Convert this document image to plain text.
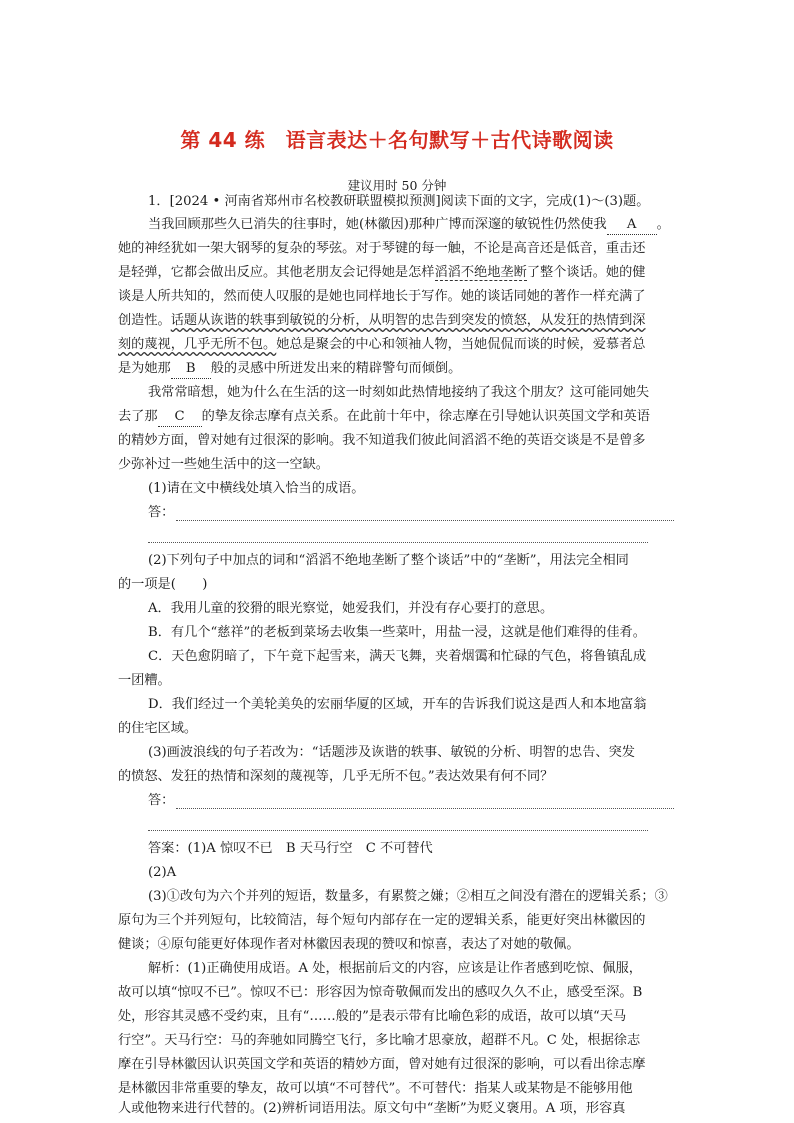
第 44 练　语言表达＋名句默写＋古代诗歌阅读
建议用时 50 分钟
1．[2024 • 河南省郑州市名校教研联盟模拟预测]阅读下面的文字，完成(1)～(3)题。
当我回顾那些久已消失的往事时，她(林徽因)那种广博而深邃的敏锐性仍然使我 A 。
她的神经犹如一架大钢琴的复杂的琴弦。对于琴键的每一触，不论是高音还是低音，重击还
是轻弹，它都会做出反应。其他老朋友会记得她是怎样滔滔不绝地垄断了整个谈话。她的健
谈是人所共知的，然而使人叹服的是她也同样地长于写作。她的谈话同她的著作一样充满了
创造性。话题从诙谐的轶事到敏锐的分析，从明智的忠告到突发的愤怒，从发狂的热情到深
刻的蔑视，几乎无所不包。她总是聚会的中心和领袖人物，当她侃侃而谈的时候，爱慕者总
是为她那 B 般的灵感中所迸发出来的精辟警句而倾倒。
我常常暗想，她为什么在生活的这一时刻如此热情地接纳了我这个朋友？这可能同她失
去了那 C 的挚友徐志摩有点关系。在此前十年中，徐志摩在引导她认识英国文学和英语
的精妙方面，曾对她有过很深的影响。我不知道我们彼此间滔滔不绝的英语交谈是不是曾多
少弥补过一些她生活中的这一空缺。
(1)请在文中横线处填入恰当的成语。
答：
(2)下列句子中加点的词和“滔滔不绝地垄断了整个谈话”中的“垄断”，用法完全相同
的一项是(　　)
A．我用儿童的狡猾的眼光察觉，她爱我们，并没有存心要打的意思。
B．有几个“慈祥”的老板到菜场去收集一些菜叶，用盐一浸，这就是他们难得的佳肴。
C．天色愈阴暗了，下午竟下起雪来，满天飞舞，夹着烟霭和忙碌的气色，将鲁镇乱成
一团糟。
D．我们经过一个美轮美奂的宏丽华厦的区域，开车的告诉我们说这是西人和本地富翁
的住宅区域。
(3)画波浪线的句子若改为：“话题涉及诙谐的轶事、敏锐的分析、明智的忠告、突发
的愤怒、发狂的热情和深刻的蔑视等，几乎无所不包。”表达效果有何不同？
答：
答案：(1)A 惊叹不已　B 天马行空　C 不可替代
(2)A
(3)①改句为六个并列的短语，数量多，有累赘之嫌；②相互之间没有潜在的逻辑关系；③
原句为三个并列短句，比较简洁，每个短句内部存在一定的逻辑关系，能更好突出林徽因的
健谈；④原句能更好体现作者对林徽因表现的赞叹和惊喜，表达了对她的敬佩。
解析：(1)正确使用成语。A 处，根据前后文的内容，应该是让作者感到吃惊、佩服，
故可以填“惊叹不已”。惊叹不已：形容因为惊奇敬佩而发出的感叹久久不止，感受至深。B
处，形容其灵感不受约束，且有“……般的”是表示带有比喻色彩的成语，故可以填“天马
行空”。天马行空：马的奔驰如同腾空飞行，多比喻才思豪放，超群不凡。C 处，根据徐志
摩在引导林徽因认识英国文学和英语的精妙方面，曾对她有过很深的影响，可以看出徐志摩
是林徽因非常重要的挚友，故可以填“不可替代”。不可替代：指某人或某物是不能够用他
人或他物来进行代替的。(2)辨析词语用法。原文句中“垄断”为贬义褒用。A 项，形容真
